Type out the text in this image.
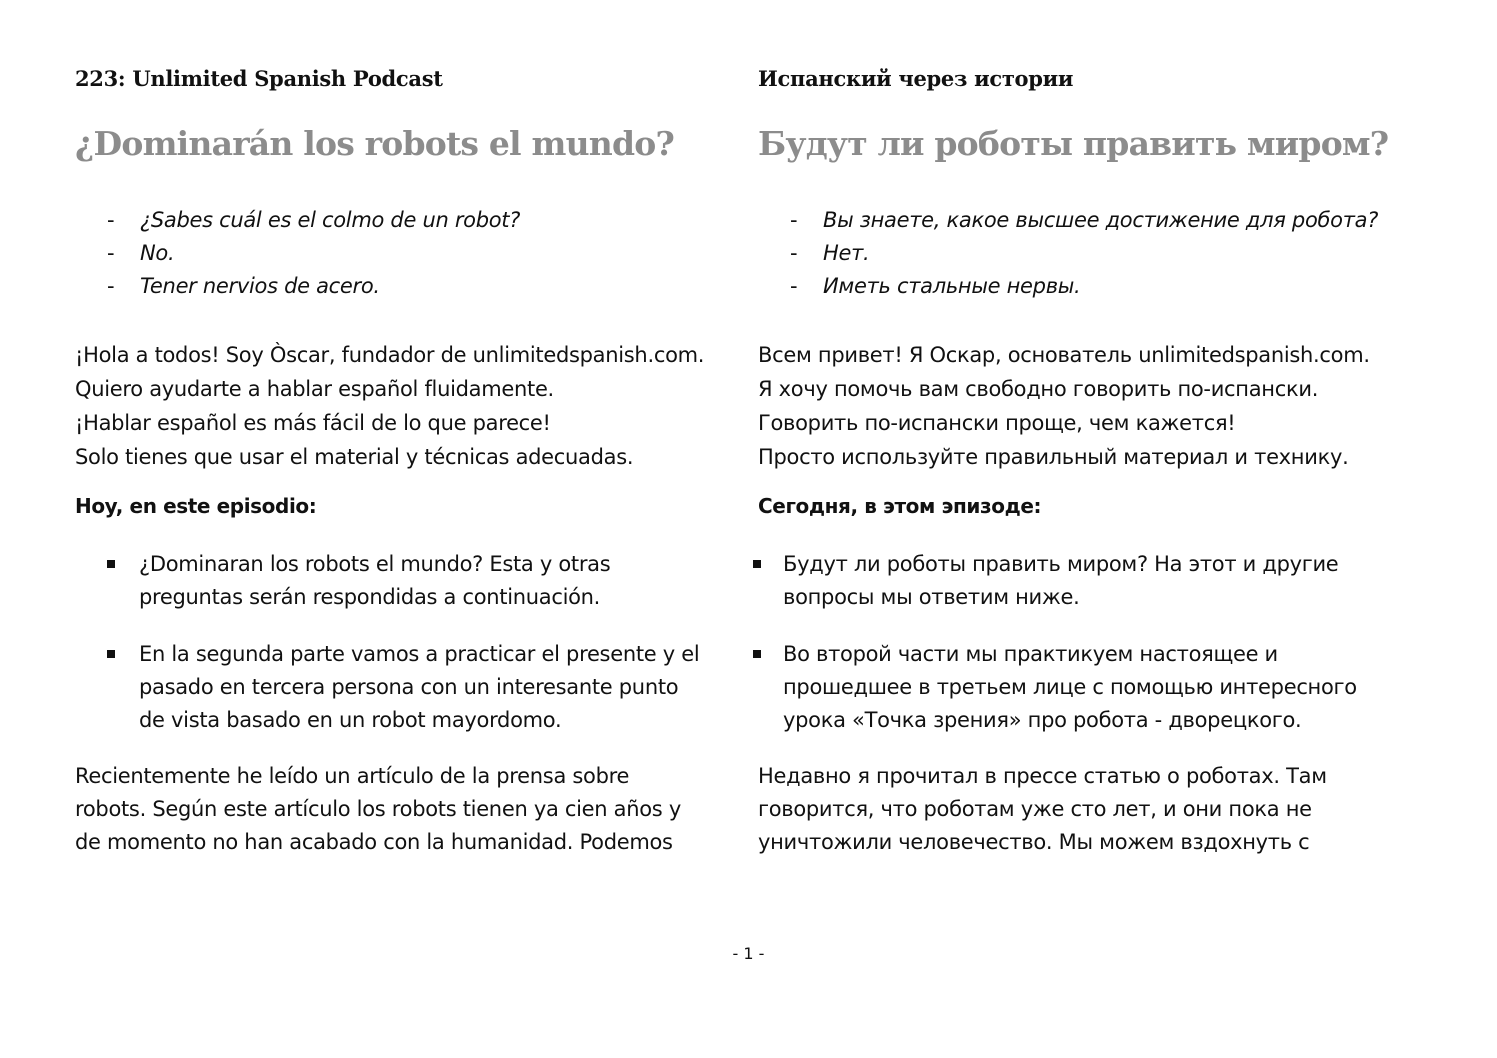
223: Unlimited Spanish Podcast
¿Dominarán los robots el mundo?
- ¿Sabes cuál es el colmo de un robot?
- No.
- Tener nervios de acero.
¡Hola a todos! Soy Òscar, fundador de unlimitedspanish.com.
Quiero ayudarte a hablar español fluidamente.
¡Hablar español es más fácil de lo que parece!
Solo tienes que usar el material y técnicas adecuadas.
Hoy, en este episodio:
¿Dominaran los robots el mundo? Esta y otras
preguntas serán respondidas a continuación.
En la segunda parte vamos a practicar el presente y el
pasado en tercera persona con un interesante punto
de vista basado en un robot mayordomo.
Recientemente he leído un artículo de la prensa sobre
robots. Según este artículo los robots tienen ya cien años y
de momento no han acabado con la humanidad. Podemos
Испанский через истории
Будут ли роботы править миром?
- Вы знаете, какое высшее достижение для робота?
- Нет.
- Иметь стальные нервы.
Всем привет! Я Оскар, основатель unlimitedspanish.com.
Я хочу помочь вам свободно говорить по-испански.
Говорить по-испански проще, чем кажется!
Просто используйте правильный материал и технику.
Сегодня, в этом эпизоде:
Будут ли роботы править миром? На этот и другие
вопросы мы ответим ниже.
Во второй части мы практикуем настоящее и
прошедшее в третьем лице с помощью интересного
урока «Точка зрения» про робота - дворецкого.
Недавно я прочитал в прессе статью о роботах. Там
говорится, что роботам уже сто лет, и они пока не
уничтожили человечество. Мы можем вздохнуть с
- 1 -
